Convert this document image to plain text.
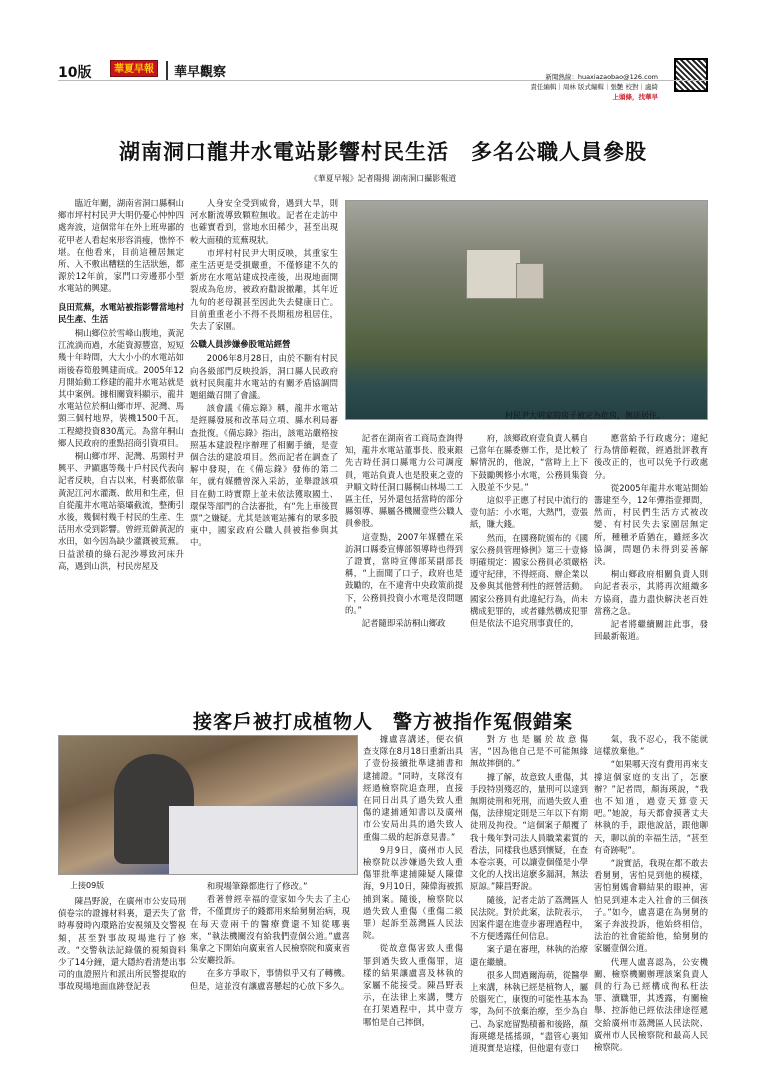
10版	華夏早報	華早觀察	新聞熱線：huaxiazaobao@126.com
責任編輯｜周林 版式編輯｜張艷 校對｜盧綺
上頭條，找華早
湖南洞口龍井水電站影響村民生活　多名公職人員參股
《華夏早報》記者陽揚 湖南洞口攝影報道

臨近年關，湖南省洞口縣桐山鄉市坪村村民尹大明仍憂心忡忡四處奔波，這個常年在外上班卑鄙的花甲老人看起來形容消瘦，憔悴不堪。在他看來，目前這種居無定所、入不敷出糟糕的生活狀態，都源於12年前，家門口旁邊那小型水電站的興建。

良田荒蕪，水電站被指影響當地村民生產、生活

桐山鄉位於雪峰山腹地，黃泥江流淌而過，水能資源豐富，短短幾十年時間，大大小小的水電站如雨後春筍般興建而成。2005年12月開始動工修建的龍井水電站就是其中案例。據相關資料顯示，龍井水電站位於桐山鄉市坪、泥灣、馬頸三個村地界，裝機1500千瓦，工程總投資830萬元。為當年桐山鄉人民政府的重點招商引資項目。

桐山鄉市坪、泥灣、馬頸村尹興平、尹顯惠等幾十戶村民代表向記者反映，自古以來，村裏都依靠黃泥江河水灌溉、飲用和生產，但自從龍井水電站築壩截流，整衝引水後，幾個村幾千村民的生產、生活用水受到影響。曾經荒僻黃泥的水田，如今因為缺少灌溉被荒蕪。日益淤積的綠石泥沙導致河床升高，遇到山洪，村民房屋及

人身安全受到威脅，遇到大旱，則河水斷流導致顆粒無收。記者在走訪中也確實看到，當地水田稀少，甚至出現較大面積的荒蕪現狀。

市坪村村民尹大明反映，其重家生產生活更是受損嚴重，不僅修建不久的新房在水電站建成投產後，出現地面開裂成為危房，被政府勸說撤離，其年近九旬的老母親甚至因此失去健康日亡。目前重重老小不得不長期租房租居住，失去了家園。

公職人員涉嫌參股電站經營

2006年8月28日，由於不斷有村民向各級部門反映投訴，洞口縣人民政府就村民與龍井水電站的有關矛盾協調問題組織召開了會議。

該會議《備忘錄》稱，龍井水電站是經縣發展和改革局立項、縣水利局審查批復。《備忘錄》指出，該電站嚴格按照基本建設程序辦理了相關手續，是壹個合法的建設項目。然而記者在調查了解中發現，在《備忘錄》發佈的第二年，就有媒體曾深入采訪，並舉證該項目在動工時實際上並未依法獲取國土、環保等部門的合法審批，有“先上車後買票”之嫌疑。尤其是該電站擁有的眾多股東中，國家政府公職人員被指參與其中。

村民尹大明家的房子被定為危房，無法居住。

記者在湖南省工商局查詢得知，龍井水電站董事長、股東銀先吉時任洞口縣電力公司調度員，電站負責人也是股東之壹的尹順文時任洞口縣桐山林場二工區主任，另外還包括當時的部分縣領導、縣屬各機關壹些公職人員參股。

這壹點，2007年媒體在采訪洞口縣委宣傳部領導時也得到了證實，當時宣傳部某副部長稱，“上面聞了口子，政府也是鼓勵的，在不違背中央政策前提下，公務員投資小水電是沒問題的。”

記者隨即采訪桐山鄉政

府，該鄉政府壹負責人稱自己當年在縣委辦工作，是比較了解情況的，他說，“當時上上下下鼓勵興修小水電，公務員集資入股並不少見。”

這似乎正應了村民中流行的壹句話：小水電，大熱門，壹張紙，賺大錢。

然而，在國務院頒布的《國家公務員管理條例》第三十壹條明確規定：國家公務員必須嚴格遵守紀律，不得經商、辦企業以及參與其他營利性的經營活動。國家公務員有此違紀行為，尚未構成犯罪的，或者雖然構成犯罪但是依法不追究刑事責任的，

應當給予行政處分；違紀行為情節輕微，經過批評教育後改正的，也可以免予行政處分。

從2005年龍井水電站開始籌建至今，12年彈指壹揮間，然而，村民們生活方式被改變、有村民失去家園居無定所，種種矛盾猶在，雖經多次協調，問題仍未得到妥善解決。

桐山鄉政府相關負責人則向記者表示，其將再次組織多方協商，盡力盡快解決老百姓當務之急。

記者將繼續關註此事，發回最新報道。

接客戶被打成植物人　警方被指作冤假錯案
上接09版

陳昌野說，在廣州市公安局刑偵卷宗的證據材料裏，還丟失了當時專發時內環路治安視頻及交警視頻，甚至對事故現場進行了修改。“交警執法記錄儀的視頻資料少了14分鐘，還大隱約看清楚出事司的血證照片和派出所民警提取的事故現場地面血跡登記表

和現場筆錄都進行了修改。”

看著曾經幸福的壹家如今失去了主心骨，不僅賣房子的錢都用來給舅舅治病，現在每天壹兩千的醫療費還不知從哪裏來，“執法機關沒有給我們壹個公道。”盧喜集拿之下開始向廣東省人民檢察院和廣東省公安廳投訴。

在多方爭取下，事情似乎又有了轉機。但是，這並沒有讓盧喜懸起的心放下多久。

據盧喜講述，便衣偵查支隊在8月18日重新出具了壹份接續批準逮捕書和逮捕證。“同時，支隊沒有經過檢察院追查理，直接在同日出具了過失致人重傷的逮捕通知書以及廣州市公安局出具的過失致人重傷二級的起訴意見書。”

9月9日，廣州市人民檢察院以涉嫌過失致人重傷罪批準逮捕陳疑人陳偉海，9月10日，陳偉海被抓捕到案。隨後，檢察院以過失致人重傷（重傷二級罪）起訴至荔灣區人民法院。

從故意傷害致人重傷罪到過失致人重傷罪，這樣的結果讓盧喜及林執的家屬不能接受。陳昌野表示，在法律上來講，雙方在打架過程中，其中壹方哪怕是自己摔倒，

對方也是屬於故意傷害，“因為他自己是不可能無緣無故摔倒的。”

據了解，故意致人重傷，其手段特別殘忍的，量刑可以達到無期徒刑和死刑，而過失致人重傷，法律規定則是三年以下有期徒刑及拘役。“這個案子顛覆了我十幾年對司法人員職業素質的看法，同樣我也感到懷疑，在查本卷宗裏，可以讓壹個僅是小學文化的人找出這麽多漏洞，無法原諒。”陳昌野說。

隨後，記者走訪了荔灣區人民法院。對於此案，法院表示，因案件還在進壹步審理過程中，不方便透露任何信息。

案子還在審理，林執的治療還在繼續。

很多人問過爾海萌，從醫學上來講，林執已經是植物人，屬於腦死亡，康復的可能性基本為零，為何不放棄治療，至少為自己、為家庭留點積蓄和後路，顏海瑛總是搖搖頭，“盡管心裏知道現實是這樣，但他還有壹口

氣，我不忍心，我不能就這樣放棄他。”

“如果哪天沒有費用再來支撐這個家庭的支出了，怎麽辦？”記者問，顏海瑛說，“我也不知道，過壹天算壹天吧。”她說，每天都會摸著丈夫林執的手，跟他說話，跟他聊天，聊以前的幸福生活，“甚至有奇跡呢”。

“說實話，我現在都不敢去看舅舅，害怕見到他的模樣，害怕舅媽會聯結果的眼神，害怕見到連本走入社會的三個孩子。”如今，盧喜還在為舅舅的案子奔波投訴，他始終相信，法治的社會能給他，給舅舅的家屬壹個公道。

代理人盧喜認為，公安機關、檢察機關辦理該案負責人員的行為已經構成徇私枉法罪、瀆職罪，其透露，有關檢舉、控訴他已經依法律途徑遞交給廣州市荔灣區人民法院、廣州市人民檢察院和最高人民檢察院。
